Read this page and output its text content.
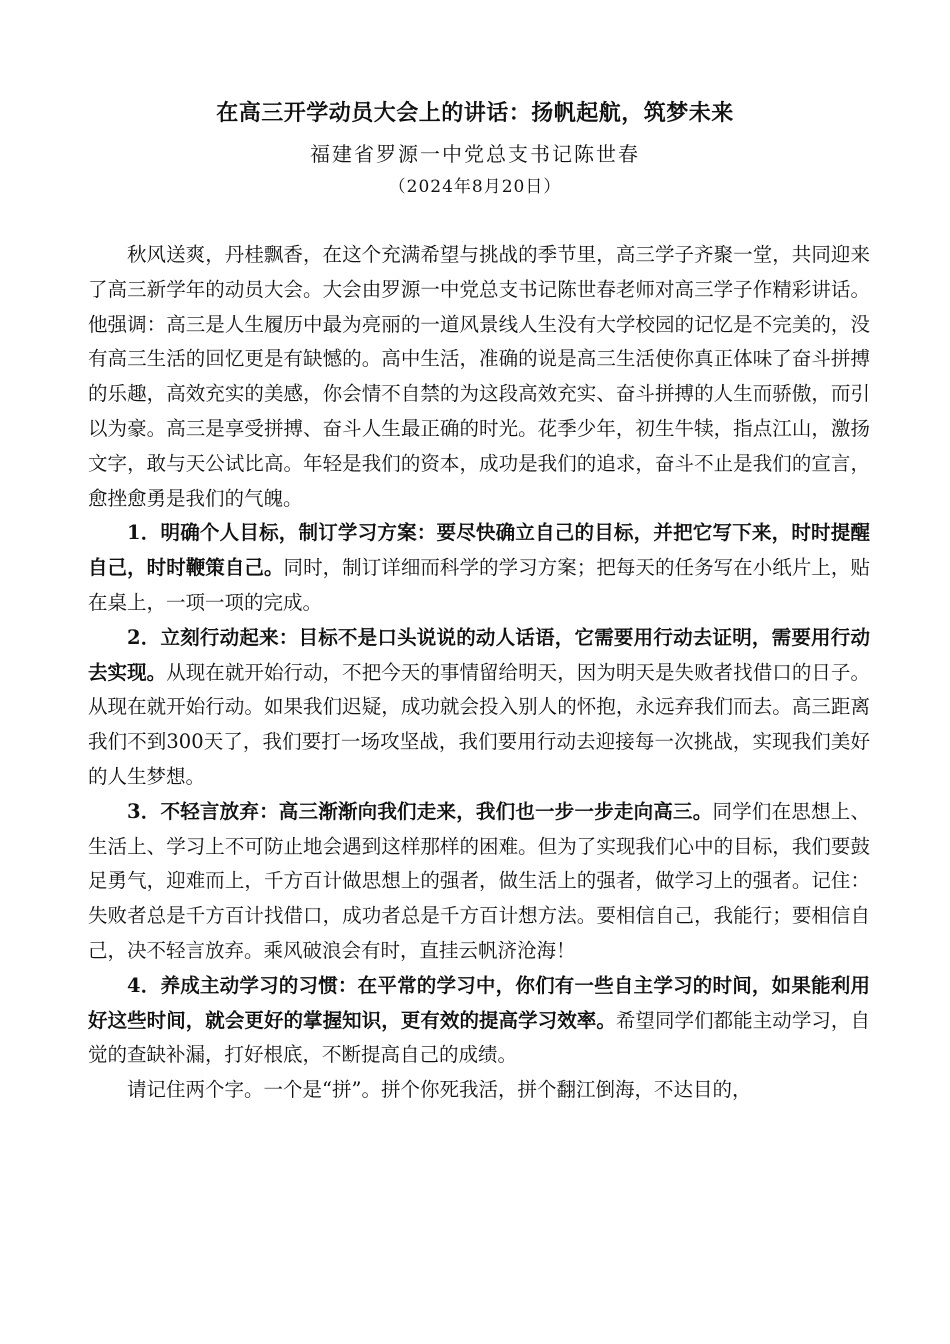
在高三开学动员大会上的讲话：扬帆起航，筑梦未来
福建省罗源一中党总支书记陈世春
（2024年8月20日）

秋风送爽，丹桂飘香，在这个充满希望与挑战的季节里，高三学子齐聚一堂，共同迎来了高三新学年的动员大会。大会由罗源一中党总支书记陈世春老师对高三学子作精彩讲话。他强调：高三是人生履历中最为亮丽的一道风景线人生没有大学校园的记忆是不完美的，没有高三生活的回忆更是有缺憾的。高中生活，准确的说是高三生活使你真正体味了奋斗拼搏的乐趣，高效充实的美感，你会情不自禁的为这段高效充实、奋斗拼搏的人生而骄傲，而引以为豪。高三是享受拼搏、奋斗人生最正确的时光。花季少年，初生牛犊，指点江山，激扬文字，敢与天公试比高。年轻是我们的资本，成功是我们的追求，奋斗不止是我们的宣言，愈挫愈勇是我们的气魄。

1．明确个人目标，制订学习方案：要尽快确立自己的目标，并把它写下来，时时提醒自己，时时鞭策自己。同时，制订详细而科学的学习方案；把每天的任务写在小纸片上，贴在桌上，一项一项的完成。

2．立刻行动起来：目标不是口头说说的动人话语，它需要用行动去证明，需要用行动去实现。从现在就开始行动，不把今天的事情留给明天，因为明天是失败者找借口的日子。从现在就开始行动。如果我们迟疑，成功就会投入别人的怀抱，永远弃我们而去。高三距离我们不到300天了，我们要打一场攻坚战，我们要用行动去迎接每一次挑战，实现我们美好的人生梦想。

3．不轻言放弃：高三渐渐向我们走来，我们也一步一步走向高三。同学们在思想上、生活上、学习上不可防止地会遇到这样那样的困难。但为了实现我们心中的目标，我们要鼓足勇气，迎难而上，千方百计做思想上的强者，做生活上的强者，做学习上的强者。记住：失败者总是千方百计找借口，成功者总是千方百计想方法。要相信自己，我能行；要相信自己，决不轻言放弃。乘风破浪会有时，直挂云帆济沧海！

4．养成主动学习的习惯：在平常的学习中，你们有一些自主学习的时间，如果能利用好这些时间，就会更好的掌握知识，更有效的提高学习效率。希望同学们都能主动学习，自觉的查缺补漏，打好根底，不断提高自己的成绩。

请记住两个字。一个是“拼”。拼个你死我活，拼个翻江倒海，不达目的，
